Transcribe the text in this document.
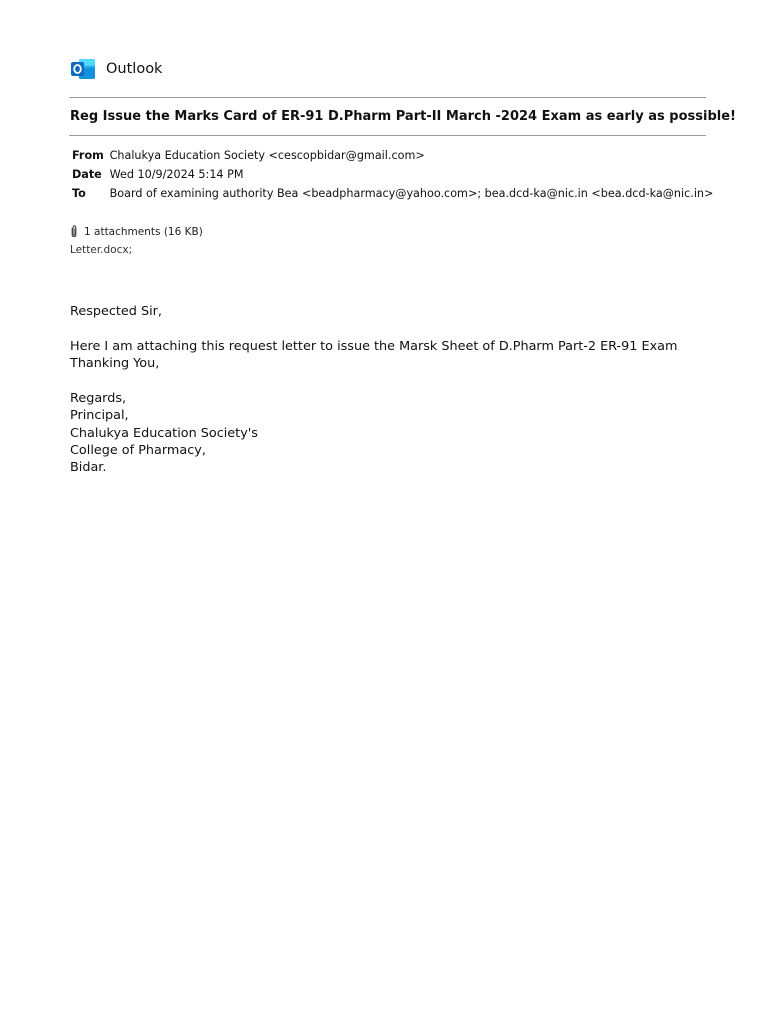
Outlook
Reg Issue the Marks Card of ER-91 D.Pharm Part-II March -2024 Exam as early as possible!
From Chalukya Education Society <cescopbidar@gmail.com>
Date Wed 10/9/2024 5:14 PM
To Board of examining authority Bea <beadpharmacy@yahoo.com>; bea.dcd-ka@nic.in <bea.dcd-ka@nic.in>
1 attachments (16 KB)
Letter.docx;
Respected Sir,
Here I am attaching this request letter to issue the Marsk Sheet of D.Pharm Part-2 ER-91 Exam
Thanking You,
Regards,
Principal,
Chalukya Education Society's
College of Pharmacy,
Bidar.
